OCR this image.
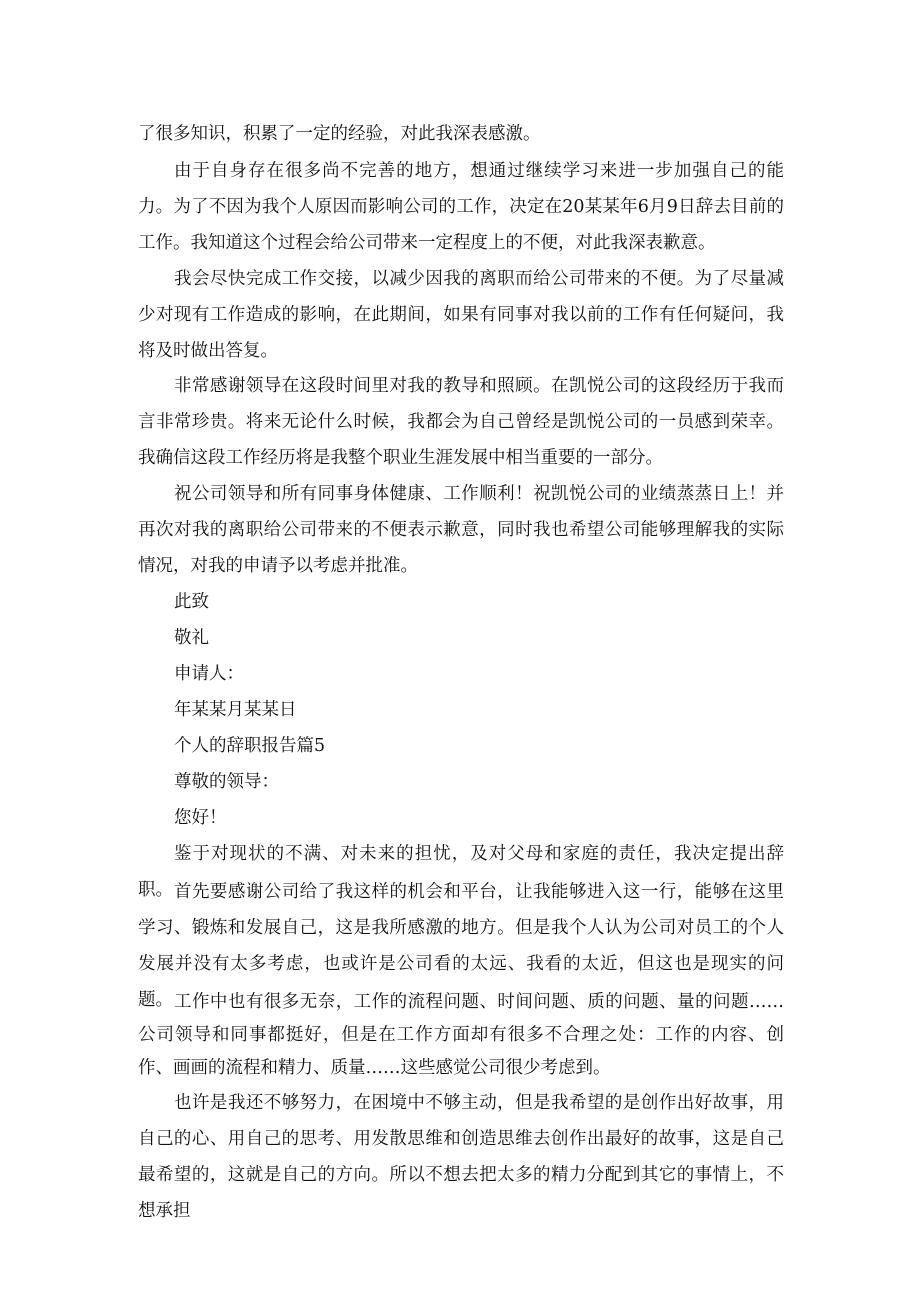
了很多知识，积累了一定的经验，对此我深表感激。

由于自身存在很多尚不完善的地方，想通过继续学习来进一步加强自己的能力。为了不因为我个人原因而影响公司的工作，决定在20某某年6月9日辞去目前的工作。我知道这个过程会给公司带来一定程度上的不便，对此我深表歉意。

我会尽快完成工作交接，以减少因我的离职而给公司带来的不便。为了尽量减少对现有工作造成的影响，在此期间，如果有同事对我以前的工作有任何疑问，我将及时做出答复。

非常感谢领导在这段时间里对我的教导和照顾。在凯悦公司的这段经历于我而言非常珍贵。将来无论什么时候，我都会为自己曾经是凯悦公司的一员感到荣幸。我确信这段工作经历将是我整个职业生涯发展中相当重要的一部分。

祝公司领导和所有同事身体健康、工作顺利！祝凯悦公司的业绩蒸蒸日上！并再次对我的离职给公司带来的不便表示歉意，同时我也希望公司能够理解我的实际情况，对我的申请予以考虑并批准。

此致

敬礼

申请人：

年某某月某某日

个人的辞职报告篇5

尊敬的领导：

您好！

鉴于对现状的不满、对未来的担忧，及对父母和家庭的责任，我决定提出辞职。 首先要感谢公司给了我这样的机会和平台，让我能够进入这一行，能够在这里学习、锻炼和发展自己，这是我所感激的地方。但是我个人认为公司对员工的个人发展并没有太多考虑，也或许是公司看的太远、我看的太近，但这也是现实的问题。 工作中也有很多无奈，工作的流程问题、时间问题、质的问题、量的问题……公司领导和同事都挺好，但是在工作方面却有很多不合理之处：工作的内容、创作、画画的流程和精力、质量……这些感觉公司很少考虑到。

也许是我还不够努力，在困境中不够主动，但是我希望的是创作出好故事，用自己的心、用自己的思考、用发散思维和创造思维去创作出最好的故事，这是自己最希望的，这就是自己的方向。所以不想去把太多的精力分配到其它的事情上，不想承担
